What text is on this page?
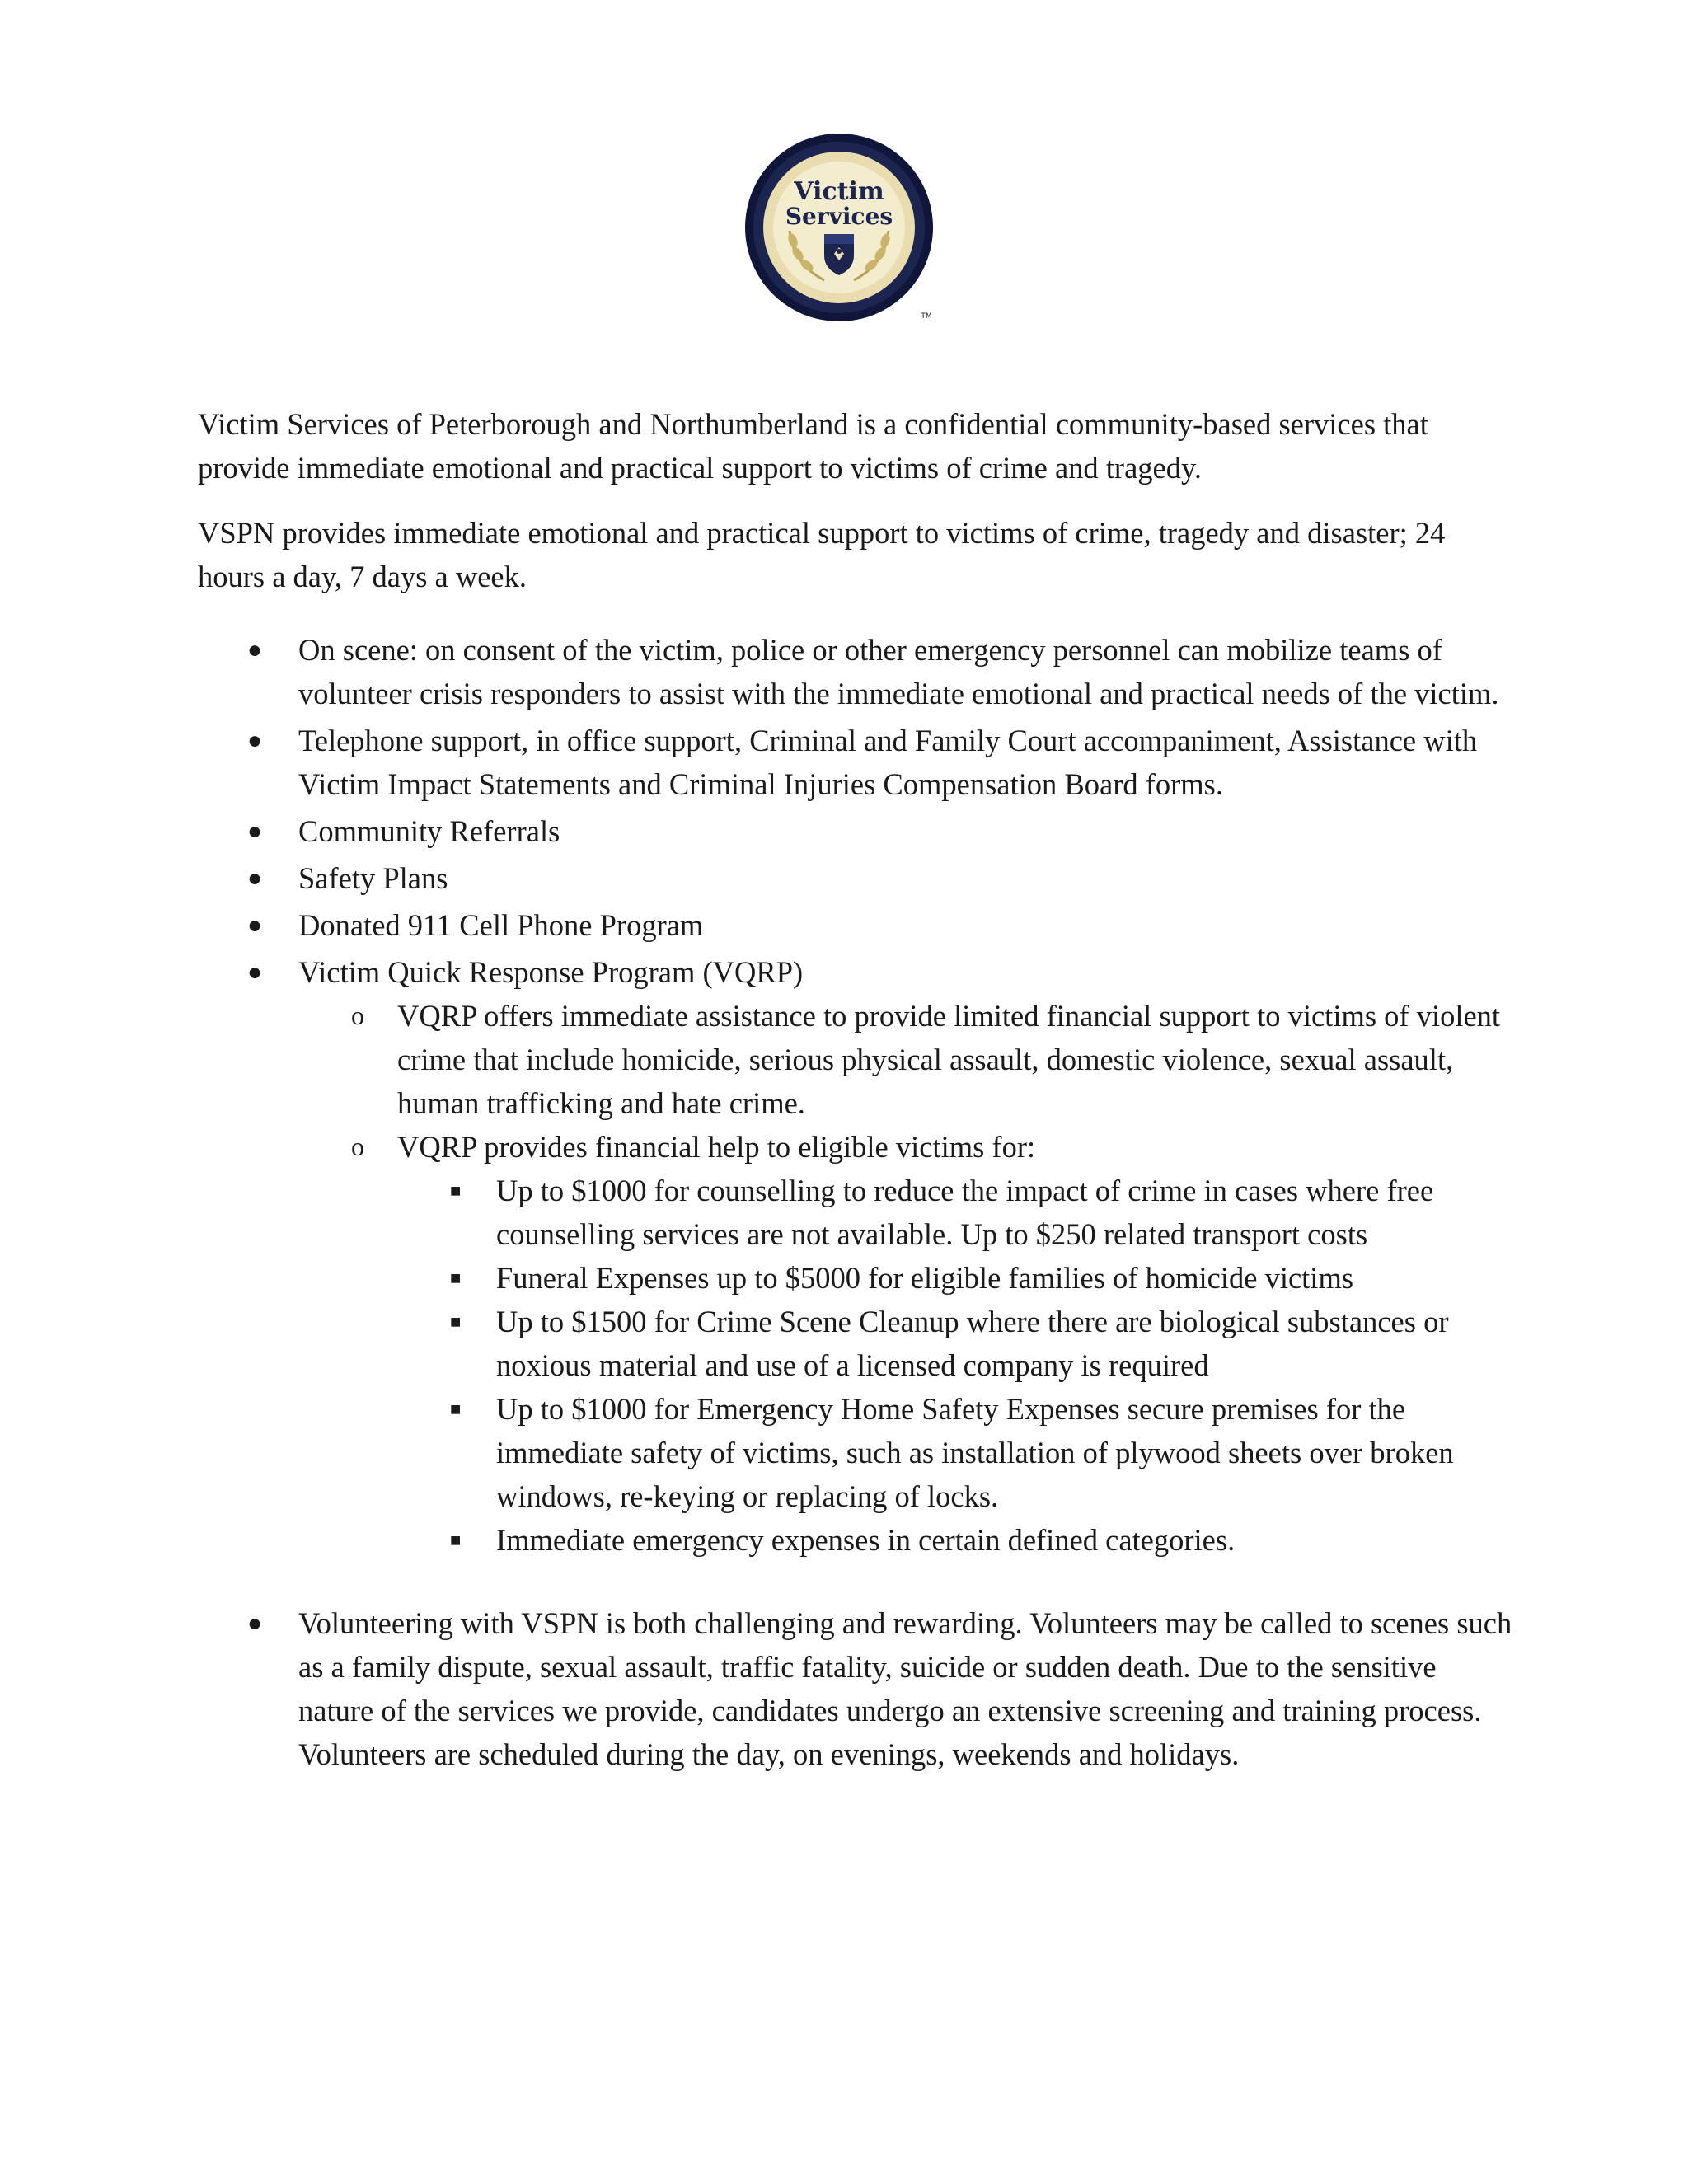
Victim
Services
TM

Victim Services of Peterborough and Northumberland is a confidential community-based services that provide immediate emotional and practical support to victims of crime and tragedy.

VSPN provides immediate emotional and practical support to victims of crime, tragedy and disaster; 24 hours a day, 7 days a week.

●	On scene: on consent of the victim, police or other emergency personnel can mobilize teams of volunteer crisis responders to assist with the immediate emotional and practical needs of the victim.
●	Telephone support, in office support, Criminal and Family Court accompaniment, Assistance with Victim Impact Statements and Criminal Injuries Compensation Board forms.
●	Community Referrals
●	Safety Plans
●	Donated 911 Cell Phone Program
●	Victim Quick Response Program (VQRP)
o VQRP offers immediate assistance to provide limited financial support to victims of violent crime that include homicide, serious physical assault, domestic violence, sexual assault, human trafficking and hate crime.
o VQRP provides financial help to eligible victims for:
■ Up to $1000 for counselling to reduce the impact of crime in cases where free counselling services are not available. Up to $250 related transport costs
■ Funeral Expenses up to $5000 for eligible families of homicide victims
■ Up to $1500 for Crime Scene Cleanup where there are biological substances or noxious material and use of a licensed company is required
■ Up to $1000 for Emergency Home Safety Expenses secure premises for the immediate safety of victims, such as installation of plywood sheets over broken windows, re-keying or replacing of locks.
■ Immediate emergency expenses in certain defined categories.
●	Volunteering with VSPN is both challenging and rewarding. Volunteers may be called to scenes such as a family dispute, sexual assault, traffic fatality, suicide or sudden death. Due to the sensitive nature of the services we provide, candidates undergo an extensive screening and training process. Volunteers are scheduled during the day, on evenings, weekends and holidays.
